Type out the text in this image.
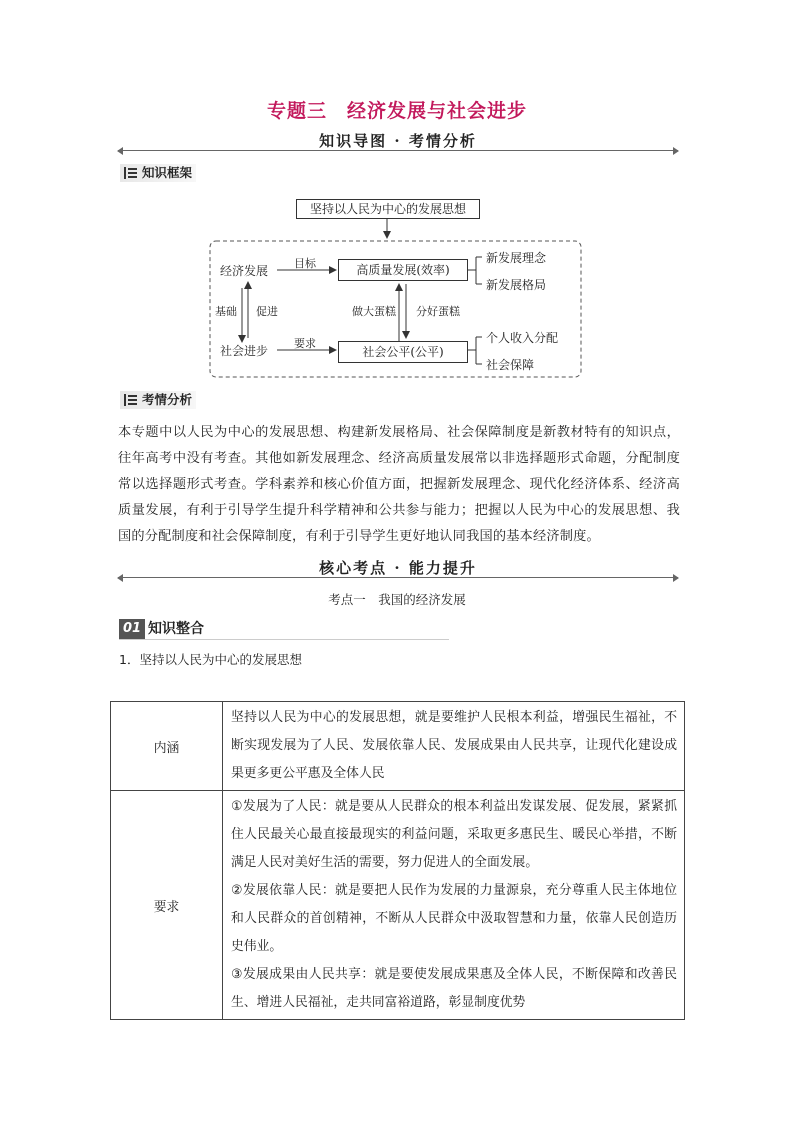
专题三　经济发展与社会进步
知识导图 · 考情分析
知识框架
坚持以人民为中心的发展思想
高质量发展(效率)
社会公平(公平)
经济发展
社会进步
目标
要求
基础 促进	做大蛋糕 分好蛋糕
新发展理念
新发展格局
个人收入分配
社会保障
考情分析
本专题中以人民为中心的发展思想、构建新发展格局、社会保障制度是新教材特有的知识点，往年高考中没有考查。其他如新发展理念、经济高质量发展常以非选择题形式命题，分配制度常以选择题形式考查。学科素养和核心价值方面，把握新发展理念、现代化经济体系、经济高质量发展，有利于引导学生提升科学精神和公共参与能力；把握以人民为中心的发展思想、我国的分配制度和社会保障制度，有利于引导学生更好地认同我国的基本经济制度。
核心考点 · 能力提升
考点一　我国的经济发展
01 知识整合
1．坚持以人民为中心的发展思想
内涵	坚持以人民为中心的发展思想，就是要维护人民根本利益，增强民生福祉，不断实现发展为了人民、发展依靠人民、发展成果由人民共享，让现代化建设成果更多更公平惠及全体人民
要求	①发展为了人民：就是要从人民群众的根本利益出发谋发展、促发展，紧紧抓住人民最关心最直接最现实的利益问题，采取更多惠民生、暖民心举措，不断满足人民对美好生活的需要，努力促进人的全面发展。
②发展依靠人民：就是要把人民作为发展的力量源泉，充分尊重人民主体地位和人民群众的首创精神，不断从人民群众中汲取智慧和力量，依靠人民创造历史伟业。
③发展成果由人民共享：就是要使发展成果惠及全体人民，不断保障和改善民生、增进人民福祉，走共同富裕道路，彰显制度优势
